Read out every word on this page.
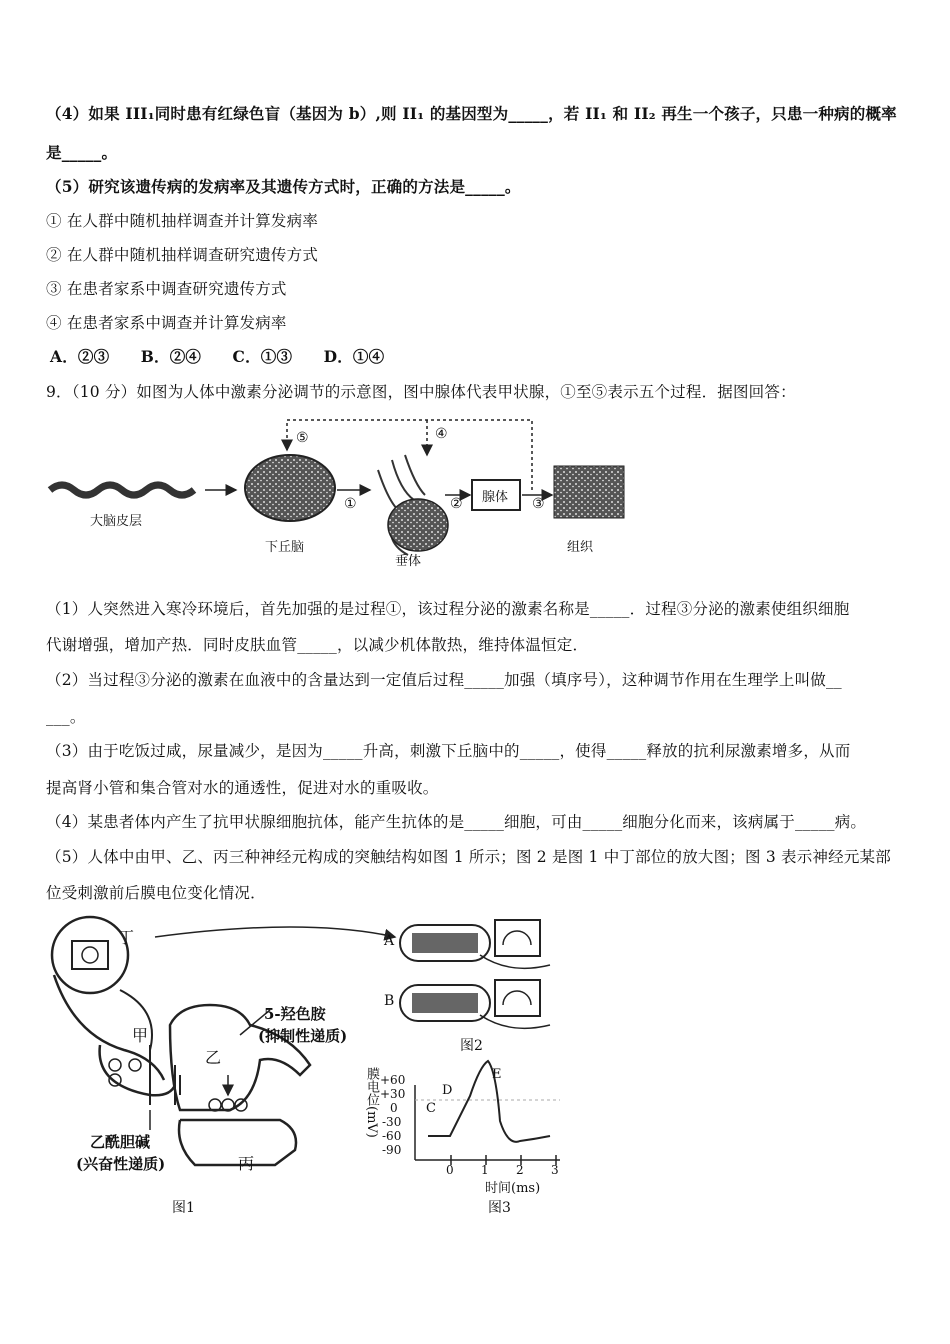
（4）如果 III₁同时患有红绿色盲（基因为 b）,则 II₁ 的基因型为_____，若 II₁ 和 II₂ 再生一个孩子，只患一种病的概率
是_____。
（5）研究该遗传病的发病率及其遗传方式时，正确的方法是_____。
① 在人群中随机抽样调查并计算发病率
② 在人群中随机抽样调查研究遗传方式
③ 在患者家系中调查研究遗传方式
④ 在患者家系中调查并计算发病率
A．②③　　B．②④　　C．①③　　D．①④
9．（10 分）如图为人体中激素分泌调节的示意图，图中腺体代表甲状腺，①至⑤表示五个过程．据图回答：
大脑皮层
下丘脑
垂体
腺体
组织
①	②	③
④
⑤
（1）人突然进入寒冷环境后，首先加强的是过程①，该过程分泌的激素名称是_____．过程③分泌的激素使组织细胞
代谢增强，增加产热．同时皮肤血管_____，以减少机体散热，维持体温恒定．
（2）当过程③分泌的激素在血液中的含量达到一定值后过程_____加强（填序号），这种调节作用在生理学上叫做__
___。
（3）由于吃饭过咸，尿量减少，是因为_____升高，刺激下丘脑中的_____，使得_____释放的抗利尿激素增多，从而
提高肾小管和集合管对水的通透性，促进对水的重吸收。
（4）某患者体内产生了抗甲状腺细胞抗体，能产生抗体的是_____细胞，可由_____细胞分化而来，该病属于_____病。
（5）人体中由甲、乙、丙三种神经元构成的突触结构如图 1 所示；图 2 是图 1 中丁部位的放大图；图 3 表示神经元某部
位受刺激前后膜电位变化情况．
丁
甲
乙
丙
5-羟色胺
(抑制性递质)
乙酰胆碱
(兴奋性递质)
图1
A
B
图2
膜电位(mV) +60
+30
0
-30
-60
-90
C
D
E
0 1 2 3
时间(ms)
图3
